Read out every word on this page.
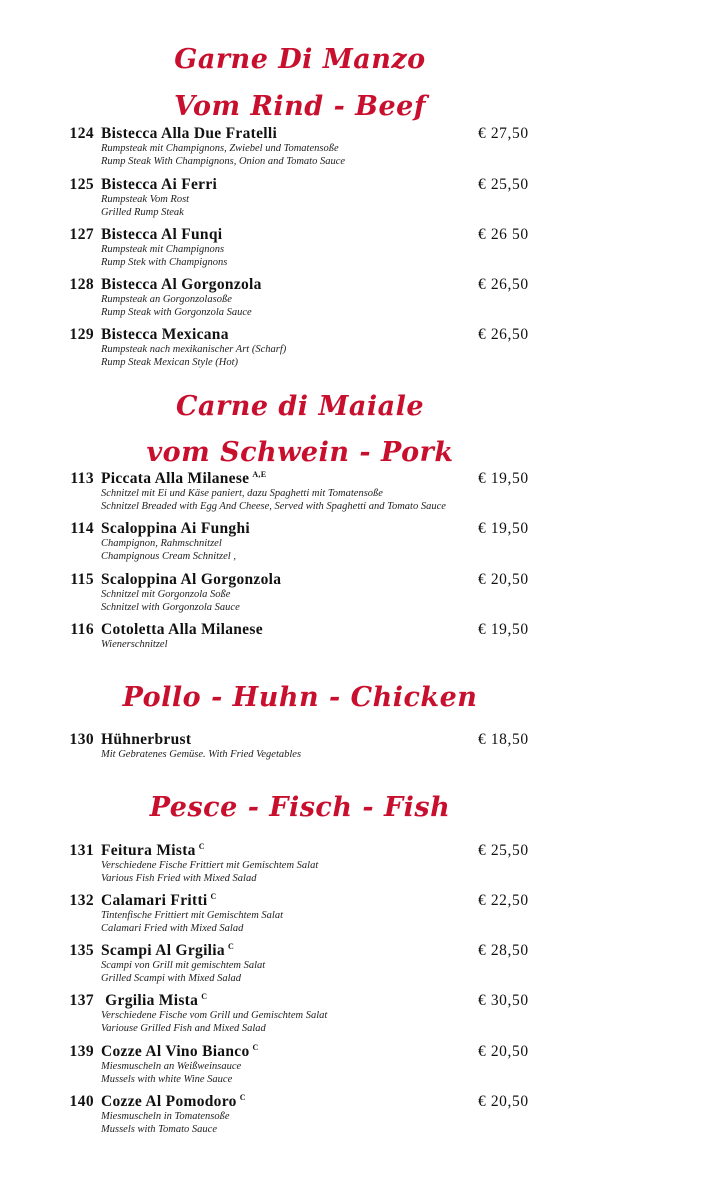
Garne Di Manzo
Vom Rind - Beef
124 Bistecca Alla Due Fratelli	€ 27,50
Rumpsteak mit Champignons, Zwiebel und Tomatensoße
Rump Steak With Champignons, Onion and Tomato Sauce
125 Bistecca Ai Ferri	€ 25,50
Rumpsteak Vom Rost
Grilled Rump Steak
127 Bistecca Al Funqi	€ 26 50
Rumpsteak mit Champignons
Rump Stek with Champignons
128 Bistecca Al Gorgonzola	€ 26,50
Rumpsteak an Gorgonzolasoße
Rump Steak with Gorgonzola Sauce
129 Bistecca Mexicana	€ 26,50
Rumpsteak nach mexikanischer Art (Scharf)
Rump Steak Mexican Style (Hot)
Carne di Maiale
vom Schwein - Pork
113 Piccata Alla Milanese $^{A,E}$	€ 19,50
Schnitzel mit Ei und Käse paniert, dazu Spaghetti mit Tomatensoße
Schnitzel Breaded with Egg And Cheese, Served with Spaghetti and Tomato Sauce
114 Scaloppina Ai Funghi	€ 19,50
Champignon, Rahmschnitzel
Champignous Cream Schnitzel ,
115 Scaloppina Al Gorgonzola	€ 20,50
Schnitzel mit Gorgonzola Soße
Schnitzel with Gorgonzola Sauce
116 Cotoletta Alla Milanese	€ 19,50
Wienerschnitzel
Pollo - Huhn - Chicken
130 Hühnerbrust	€ 18,50
Mit Gebratenes Gemüse. With Fried Vegetables
Pesce - Fisch - Fish
131 Feitura Mista $^C$	€ 25,50
Verschiedene Fische Frittiert mit Gemischtem Salat
Various Fish Fried with Mixed Salad
132 Calamari Fritti $^C$	€ 22,50
Tintenfische Frittiert mit Gemischtem Salat
Calamari Fried with Mixed Salad
135 Scampi Al Grgilia $^C$	€ 28,50
Scampi von Grill mit gemischtem Salat
Grilled Scampi with Mixed Salad
137 Grgilia Mista $^C$	€ 30,50
Verschiedene Fische vom Grill und Gemischtem Salat
Variouse Grilled Fish and Mixed Salad
139 Cozze Al Vino Bianco $^C$	€ 20,50
Miesmuscheln an Weißweinsauce
Mussels with white Wine Sauce
140 Cozze Al Pomodoro $^C$	€ 20,50
Miesmuscheln in Tomatensoße
Mussels with Tomato Sauce
